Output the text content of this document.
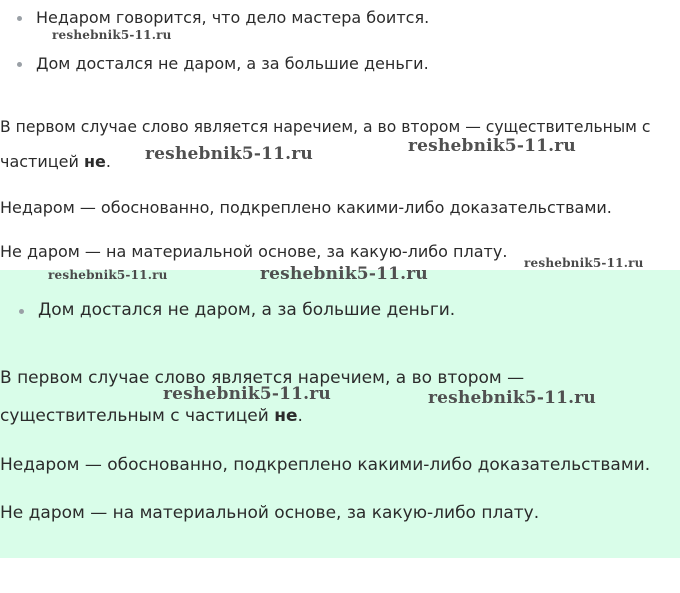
Недаром говорится, что дело мастера боится.
Дом достался не даром, а за большие деньги.
В первом случае слово является наречием, а во втором — существительным с
частицей не.
Недаром — обоснованно, подкреплено какими-либо доказательствами.
Не даром — на материальной основе, за какую-либо плату.
Дом достался не даром, а за большие деньги.
В первом случае слово является наречием, а во втором —
существительным с частицей не.
Недаром — обоснованно, подкреплено какими-либо доказательствами.
Не даром — на материальной основе, за какую-либо плату.
reshebnik5-11.ru
reshebnik5-11.ru	reshebnik5-11.ru
reshebnik5-11.ru	reshebnik5-11.ru
reshebnik5-11.ru
reshebnik5-11.ru	reshebnik5-11.ru
